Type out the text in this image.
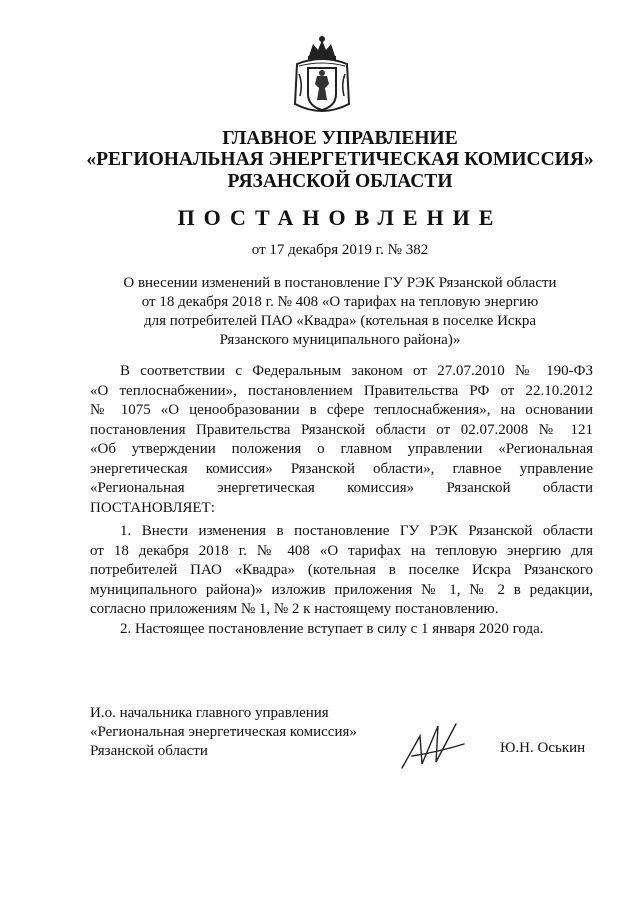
ГЛАВНОЕ УПРАВЛЕНИЕ
«РЕГИОНАЛЬНАЯ ЭНЕРГЕТИЧЕСКАЯ КОМИССИЯ»
РЯЗАНСКОЙ ОБЛАСТИ
ПОСТАНОВЛЕНИЕ
от 17 декабря 2019 г. № 382
О внесении изменений в постановление ГУ РЭК Рязанской области
от 18 декабря 2018 г. № 408 «О тарифах на тепловую энергию
для потребителей ПАО «Квадра» (котельная в поселке Искра
Рязанского муниципального района)»
В соответствии с Федеральным законом от 27.07.2010 № 190-ФЗ
«О теплоснабжении», постановлением Правительства РФ от 22.10.2012
№ 1075 «О ценообразовании в сфере теплоснабжения», на основании
постановления Правительства Рязанской области от 02.07.2008 № 121
«Об утверждении положения о главном управлении «Региональная
энергетическая комиссия» Рязанской области», главное управление
«Региональная энергетическая комиссия» Рязанской области
ПОСТАНОВЛЯЕТ:
1. Внести изменения в постановление ГУ РЭК Рязанской области
от 18 декабря 2018 г. № 408 «О тарифах на тепловую энергию для
потребителей ПАО «Квадра» (котельная в поселке Искра Рязанского
муниципального района)» изложив приложения № 1, № 2 в редакции,
согласно приложениям № 1, № 2 к настоящему постановлению.
2. Настоящее постановление вступает в силу с 1 января 2020 года.
И.о. начальника главного управления
«Региональная энергетическая комиссия»
Рязанской области	Ю.Н. Оськин
